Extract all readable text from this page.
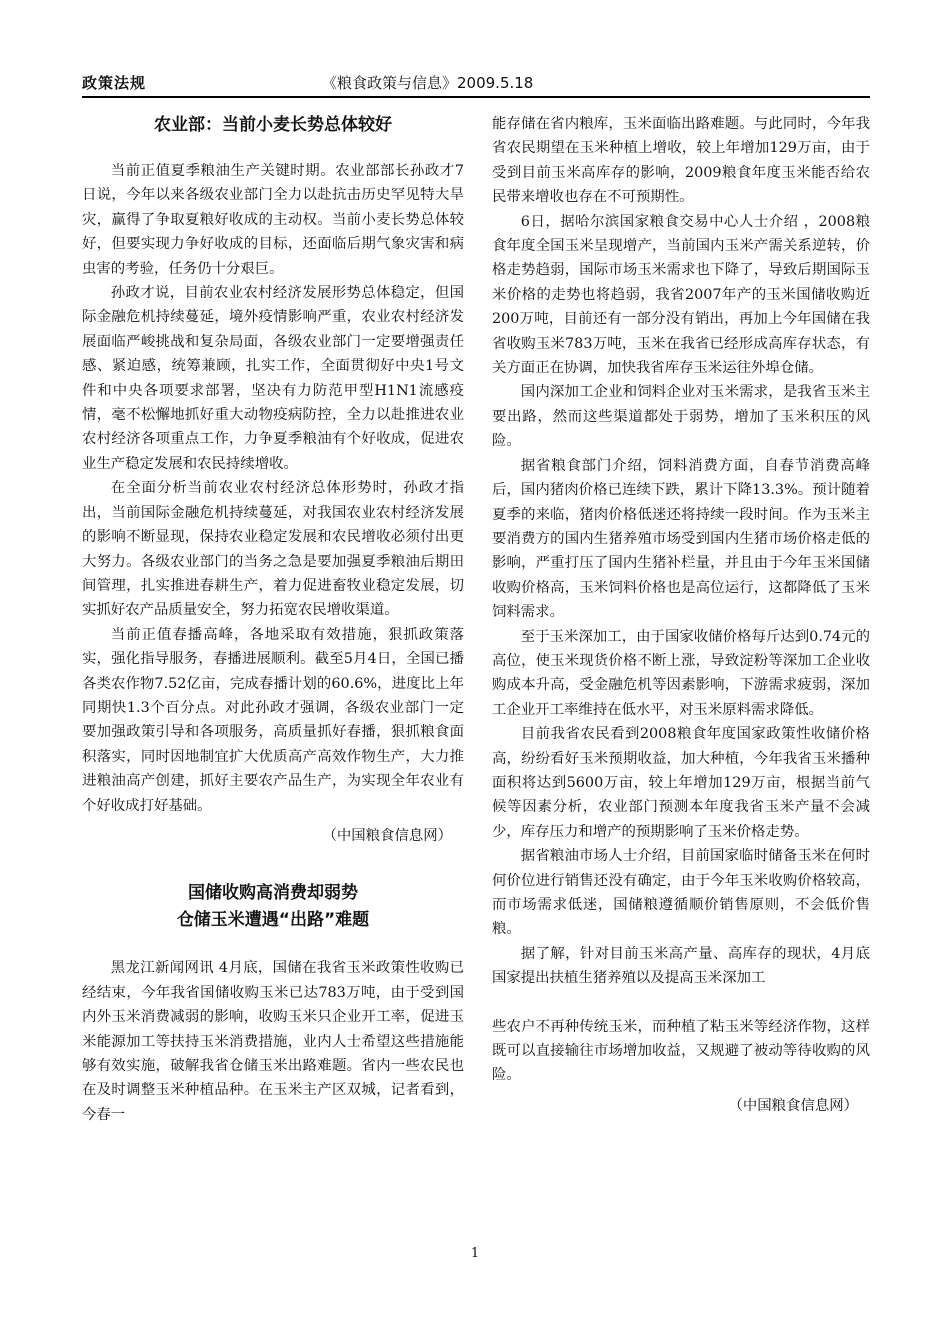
政策法规	《粮食政策与信息》2009.5.18
农业部：当前小麦长势总体较好

当前正值夏季粮油生产关键时期。农业部部长孙政才7日说，今年以来各级农业部门全力以赴抗击历史罕见特大旱灾，赢得了争取夏粮好收成的主动权。当前小麦长势总体较好，但要实现力争好收成的目标，还面临后期气象灾害和病虫害的考验，任务仍十分艰巨。

孙政才说，目前农业农村经济发展形势总体稳定，但国际金融危机持续蔓延，境外疫情影响严重，农业农村经济发展面临严峻挑战和复杂局面，各级农业部门一定要增强责任感、紧迫感，统筹兼顾，扎实工作，全面贯彻好中央1号文件和中央各项要求部署，坚决有力防范甲型H1N1流感疫情，毫不松懈地抓好重大动物疫病防控，全力以赴推进农业农村经济各项重点工作，力争夏季粮油有个好收成，促进农业生产稳定发展和农民持续增收。

在全面分析当前农业农村经济总体形势时，孙政才指出，当前国际金融危机持续蔓延，对我国农业农村经济发展的影响不断显现，保持农业稳定发展和农民增收必须付出更大努力。各级农业部门的当务之急是要加强夏季粮油后期田间管理，扎实推进春耕生产，着力促进畜牧业稳定发展，切实抓好农产品质量安全，努力拓宽农民增收渠道。

当前正值春播高峰，各地采取有效措施，狠抓政策落实，强化指导服务，春播进展顺利。截至5月4日，全国已播各类农作物7.52亿亩，完成春播计划的60.6%，进度比上年同期快1.3个百分点。对此孙政才强调，各级农业部门一定要加强政策引导和各项服务，高质量抓好春播，狠抓粮食面积落实，同时因地制宜扩大优质高产高效作物生产，大力推进粮油高产创建，抓好主要农产品生产，为实现全年农业有个好收成打好基础。

（中国粮食信息网）

国储收购高消费却弱势
仓储玉米遭遇“出路”难题

黑龙江新闻网讯 4月底，国储在我省玉米政策性收购已经结束，今年我省国储收购玉米已达783万吨，由于受到国内外玉米消费减弱的影响，收购玉米只企业开工率，促进玉米能源加工等扶持玉米消费措施，业内人士希望这些措施能够有效实施，破解我省仓储玉米出路难题。省内一些农民也在及时调整玉米种植品种。在玉米主产区双城，记者看到，今春一

能存储在省内粮库，玉米面临出路难题。与此同时，今年我省农民期望在玉米种植上增收，较上年增加129万亩，由于受到目前玉米高库存的影响，2009粮食年度玉米能否给农民带来增收也存在不可预期性。

6日，据哈尔滨国家粮食交易中心人士介绍 ，2008粮食年度全国玉米呈现增产，当前国内玉米产需关系逆转，价格走势趋弱，国际市场玉米需求也下降了，导致后期国际玉米价格的走势也将趋弱，我省2007年产的玉米国储收购近200万吨，目前还有一部分没有销出，再加上今年国储在我省收购玉米783万吨，玉米在我省已经形成高库存状态，有关方面正在协调，加快我省库存玉米运往外埠仓储。

国内深加工企业和饲料企业对玉米需求，是我省玉米主要出路，然而这些渠道都处于弱势，增加了玉米积压的风险。

据省粮食部门介绍，饲料消费方面，自春节消费高峰后，国内猪肉价格已连续下跌，累计下降13.3%。预计随着夏季的来临，猪肉价格低迷还将持续一段时间。作为玉米主要消费方的国内生猪养殖市场受到国内生猪市场价格走低的影响，严重打压了国内生猪补栏量，并且由于今年玉米国储收购价格高，玉米饲料价格也是高位运行，这都降低了玉米饲料需求。

至于玉米深加工，由于国家收储价格每斤达到0.74元的高位，使玉米现货价格不断上涨，导致淀粉等深加工企业收购成本升高，受金融危机等因素影响，下游需求疲弱，深加工企业开工率维持在低水平，对玉米原料需求降低。

目前我省农民看到2008粮食年度国家政策性收储价格高，纷纷看好玉米预期收益，加大种植，今年我省玉米播种面积将达到5600万亩，较上年增加129万亩，根据当前气候等因素分析，农业部门预测本年度我省玉米产量不会减少，库存压力和增产的预期影响了玉米价格走势。

据省粮油市场人士介绍，目前国家临时储备玉米在何时何价位进行销售还没有确定，由于今年玉米收购价格较高，而市场需求低迷，国储粮遵循顺价销售原则，不会低价售粮。

据了解，针对目前玉米高产量、高库存的现状，4月底国家提出扶植生猪养殖以及提高玉米深加工

些农户不再种传统玉米，而种植了粘玉米等经济作物，这样既可以直接输往市场增加收益，又规避了被动等待收购的风险。

（中国粮食信息网）

1
